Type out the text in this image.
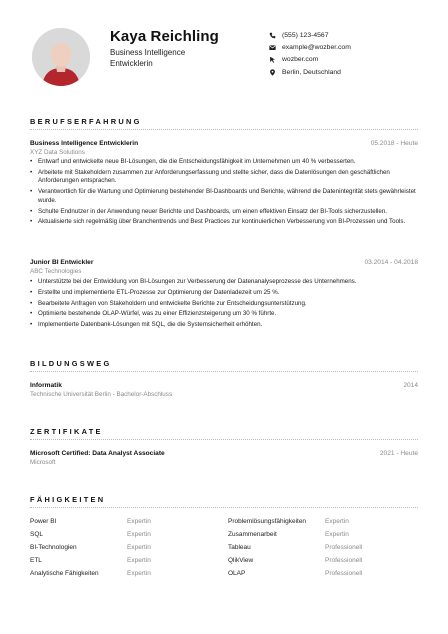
Kaya Reichling
Business Intelligence Entwicklerin
(555) 123-4567
example@wozber.com
wozber.com
Berlin, Deutschland
BERUFSERFAHRUNG
Business Intelligence Entwicklerin	05.2018 - Heute
XYZ Data Solutions
• Entwarf und entwickelte neue BI-Lösungen, die die Entscheidungsfähigkeit im Unternehmen um 40 % verbesserten.
• Arbeitete mit Stakeholdern zusammen zur Anforderungserfassung und stellte sicher, dass die Datenlösungen den geschäftlichen Anforderungen entsprachen.
• Verantwortlich für die Wartung und Optimierung bestehender BI-Dashboards und Berichte, während die Datenintegrität stets gewährleistet wurde.
• Schulte Endnutzer in der Anwendung neuer Berichte und Dashboards, um einen effektiven Einsatz der BI-Tools sicherzustellen.
• Aktualisierte sich regelmäßig über Branchentrends und Best Practices zur kontinuierlichen Verbesserung von BI-Prozessen und Tools.
Junior BI Entwickler	03.2014 - 04.2018
ABC Technologies
• Unterstützte bei der Entwicklung von BI-Lösungen zur Verbesserung der Datenanalyseprozesse des Unternehmens.
• Erstellte und implementierte ETL-Prozesse zur Optimierung der Datenladezeit um 25 %.
• Bearbeitete Anfragen von Stakeholdern und entwickelte Berichte zur Entscheidungsunterstützung.
• Optimierte bestehende OLAP-Würfel, was zu einer Effizienzsteigerung um 30 % führte.
• Implementierte Datenbank-Lösungen mit SQL, die die Systemsicherheit erhöhten.
BILDUNGSWEG
Informatik	2014
Technische Universität Berlin - Bachelor-Abschluss
ZERTIFIKATE
Microsoft Certified: Data Analyst Associate	2021 - Heute
Microsoft
FÄHIGKEITEN
Power BI	Expertin	Problemlösungsfähigkeiten	Expertin
SQL	Expertin	Zusammenarbeit	Expertin
BI-Technologien	Expertin	Tableau	Professionell
ETL	Expertin	QlikView	Professionell
Analytische Fähigkeiten	Expertin	OLAP	Professionell
